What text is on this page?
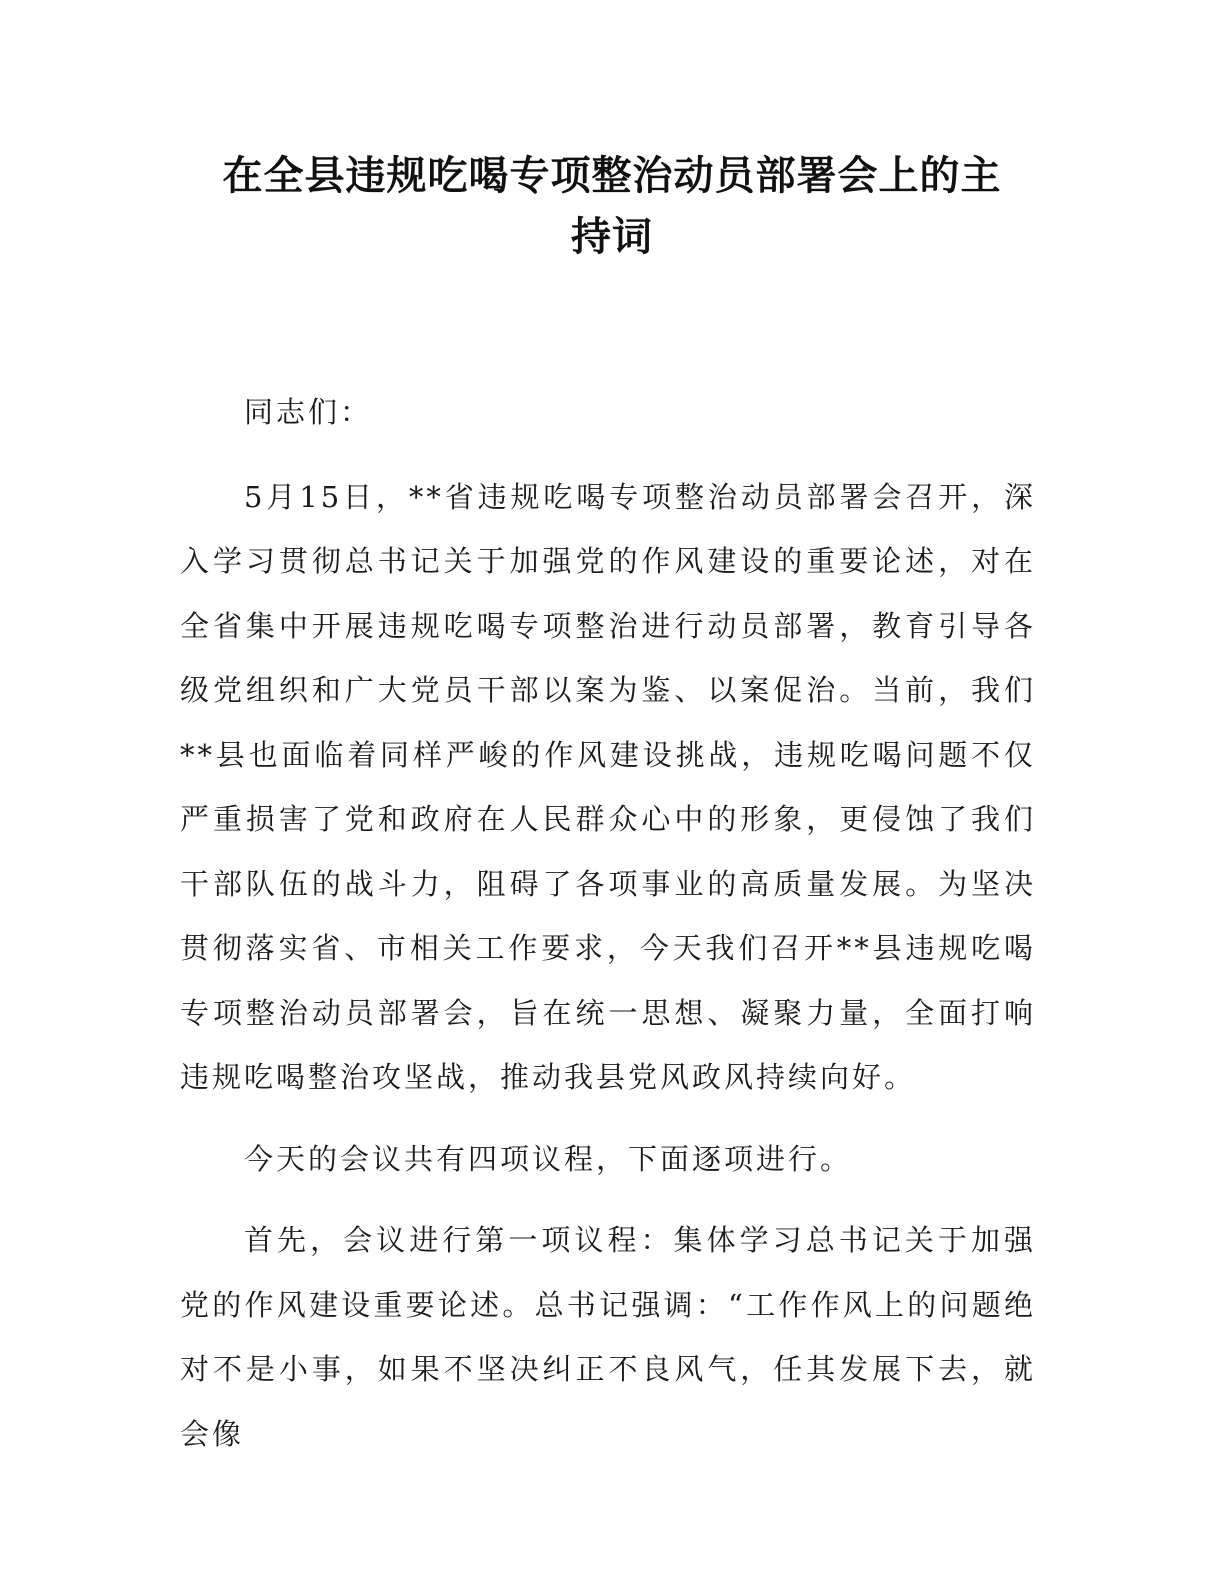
在全县违规吃喝专项整治动员部署会上的主
持词

同志们：

5月15日，**省违规吃喝专项整治动员部署会召开，深入学习贯彻总书记关于加强党的作风建设的重要论述，对在全省集中开展违规吃喝专项整治进行动员部署，教育引导各级党组织和广大党员干部以案为鉴、以案促治。当前，我们**县也面临着同样严峻的作风建设挑战，违规吃喝问题不仅严重损害了党和政府在人民群众心中的形象，更侵蚀了我们干部队伍的战斗力，阻碍了各项事业的高质量发展。为坚决贯彻落实省、市相关工作要求，今天我们召开**县违规吃喝专项整治动员部署会，旨在统一思想、凝聚力量，全面打响违规吃喝整治攻坚战，推动我县党风政风持续向好。

今天的会议共有四项议程，下面逐项进行。

首先，会议进行第一项议程：集体学习总书记关于加强党的作风建设重要论述。总书记强调：“工作作风上的问题绝对不是小事，如果不坚决纠正不良风气，任其发展下去，就会像
